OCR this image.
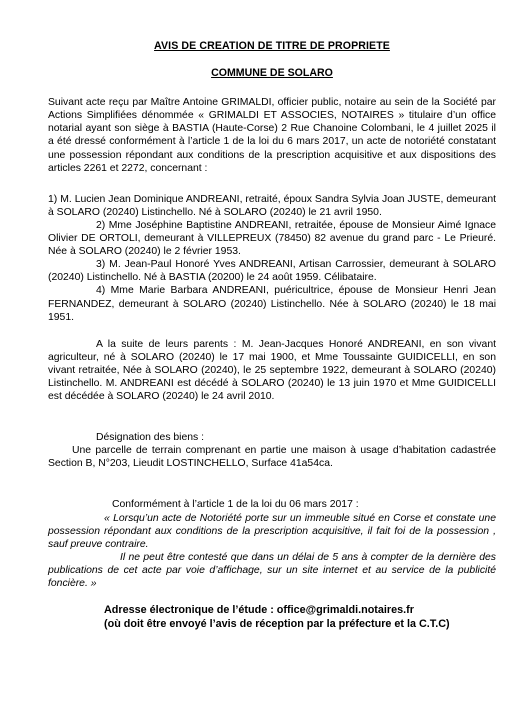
AVIS DE CREATION DE TITRE DE PROPRIETE
COMMUNE DE SOLARO

Suivant acte reçu par Maître Antoine GRIMALDI, officier public, notaire au sein de la Société par Actions Simplifiées dénommée « GRIMALDI ET ASSOCIES, NOTAIRES » titulaire d’un office notarial ayant son siège à BASTIA (Haute-Corse) 2 Rue Chanoine Colombani, le 4 juillet 2025 il a été dressé conformément à l’article 1 de la loi du 6 mars 2017, un acte de notoriété constatant une possession répondant aux conditions de la prescription acquisitive et aux dispositions des articles 2261 et 2272, concernant :

1) M. Lucien Jean Dominique ANDREANI, retraité, époux Sandra Sylvia Joan JUSTE, demeurant à SOLARO (20240) Listinchello. Né à SOLARO (20240) le 21 avril 1950.

2) Mme Joséphine Baptistine ANDREANI, retraitée, épouse de Monsieur Aimé Ignace Olivier DE ORTOLI, demeurant à VILLEPREUX (78450) 82 avenue du grand parc - Le Prieuré. Née à SOLARO (20240) le 2 février 1953.

3) M. Jean-Paul Honoré Yves ANDREANI, Artisan Carrossier, demeurant à SOLARO (20240) Listinchello. Né à BASTIA (20200) le 24 août 1959. Célibataire.

4) Mme Marie Barbara ANDREANI, puéricultrice, épouse de Monsieur Henri Jean FERNANDEZ, demeurant à SOLARO (20240) Listinchello. Née à SOLARO (20240) le 18 mai 1951.

A la suite de leurs parents : M. Jean-Jacques Honoré ANDREANI, en son vivant agriculteur, né à SOLARO (20240) le 17 mai 1900, et Mme Toussainte GUIDICELLI, en son vivant retraitée, Née à SOLARO (20240), le 25 septembre 1922, demeurant à SOLARO (20240) Listinchello. M. ANDREANI est décédé à SOLARO (20240) le 13 juin 1970 et Mme GUIDICELLI est décédée à SOLARO (20240) le 24 avril 2010.

Désignation des biens :

Une parcelle de terrain comprenant en partie une maison à usage d’habitation cadastrée Section B, N°203, Lieudit LOSTINCHELLO, Surface 41a54ca.

Conformément à l’article 1 de la loi du 06 mars 2017 :

« Lorsqu’un acte de Notoriété porte sur un immeuble situé en Corse et constate une possession répondant aux conditions de la prescription acquisitive, il fait foi de la possession , sauf preuve contraire.

Il ne peut être contesté que dans un délai de 5 ans à compter de la dernière des publications de cet acte par voie d’affichage, sur un site internet et au service de la publicité foncière. »

Adresse électronique de l’étude : office@grimaldi.notaires.fr
(où doit être envoyé l’avis de réception par la préfecture et la C.T.C)
